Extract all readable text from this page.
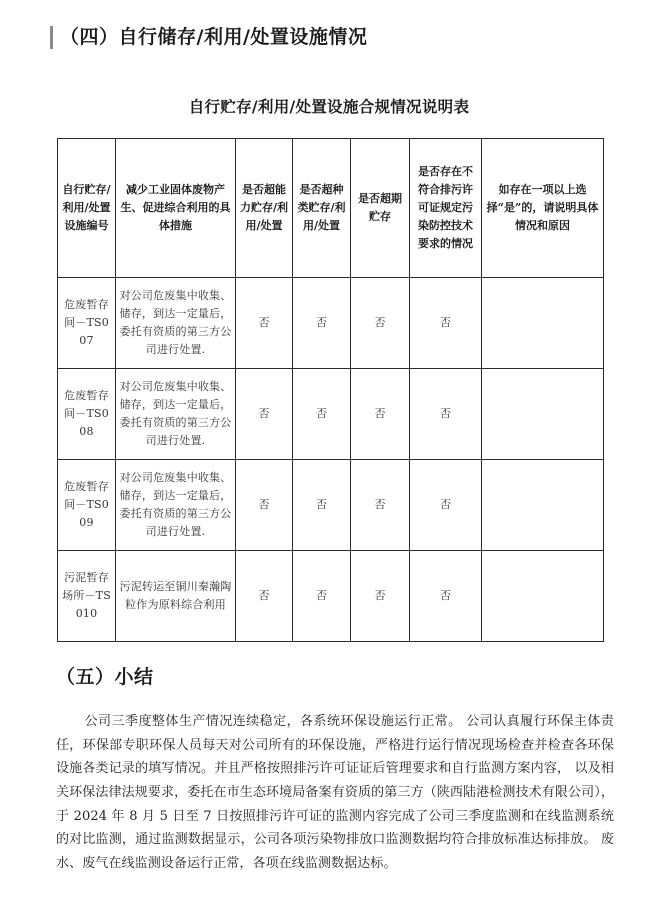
（四）自行储存/利用/处置设施情况
自行贮存/利用/处置设施合规情况说明表
自行贮存/利用/处置设施编号	减少工业固体废物产生、促进综合利用的具体措施	是否超能力贮存/利用/处置	是否超种类贮存/利用/处置	是否超期贮存	是否存在不符合排污许可证规定污染防控技术要求的情况	如存在一项以上选择“是”的，请说明具体情况和原因
危废暂存间－TS007	对公司危废集中收集、储存，到达一定量后，委托有资质的第三方公司进行处置.	否	否	否	否	
危废暂存间－TS008	对公司危废集中收集、储存，到达一定量后，委托有资质的第三方公司进行处置.	否	否	否	否	
危废暂存间－TS009	对公司危废集中收集、储存，到达一定量后，委托有资质的第三方公司进行处置.	否	否	否	否	
污泥暂存场所－TS010	污泥转运至铜川秦瀚陶粒作为原料综合利用	否	否	否	否	
（五）小结
公司三季度整体生产情况连续稳定，各系统环保设施运行正常。 公司认真履行环保主体责任，环保部专职环保人员每天对公司所有的环保设施，严格进行运行情况现场检查并检查各环保设施各类记录的填写情况。并且严格按照排污许可证证后管理要求和自行监测方案内容， 以及相关环保法律法规要求，委托在市生态环境局备案有资质的第三方（陕西陆港检测技术有限公司），于 2024 年 8 月 5 日至 7 日按照排污许可证的监测内容完成了公司三季度监测和在线监测系统的对比监测，通过监测数据显示，公司各项污染物排放口监测数据均符合排放标准达标排放。 废水、废气在线监测设备运行正常，各项在线监测数据达标。
